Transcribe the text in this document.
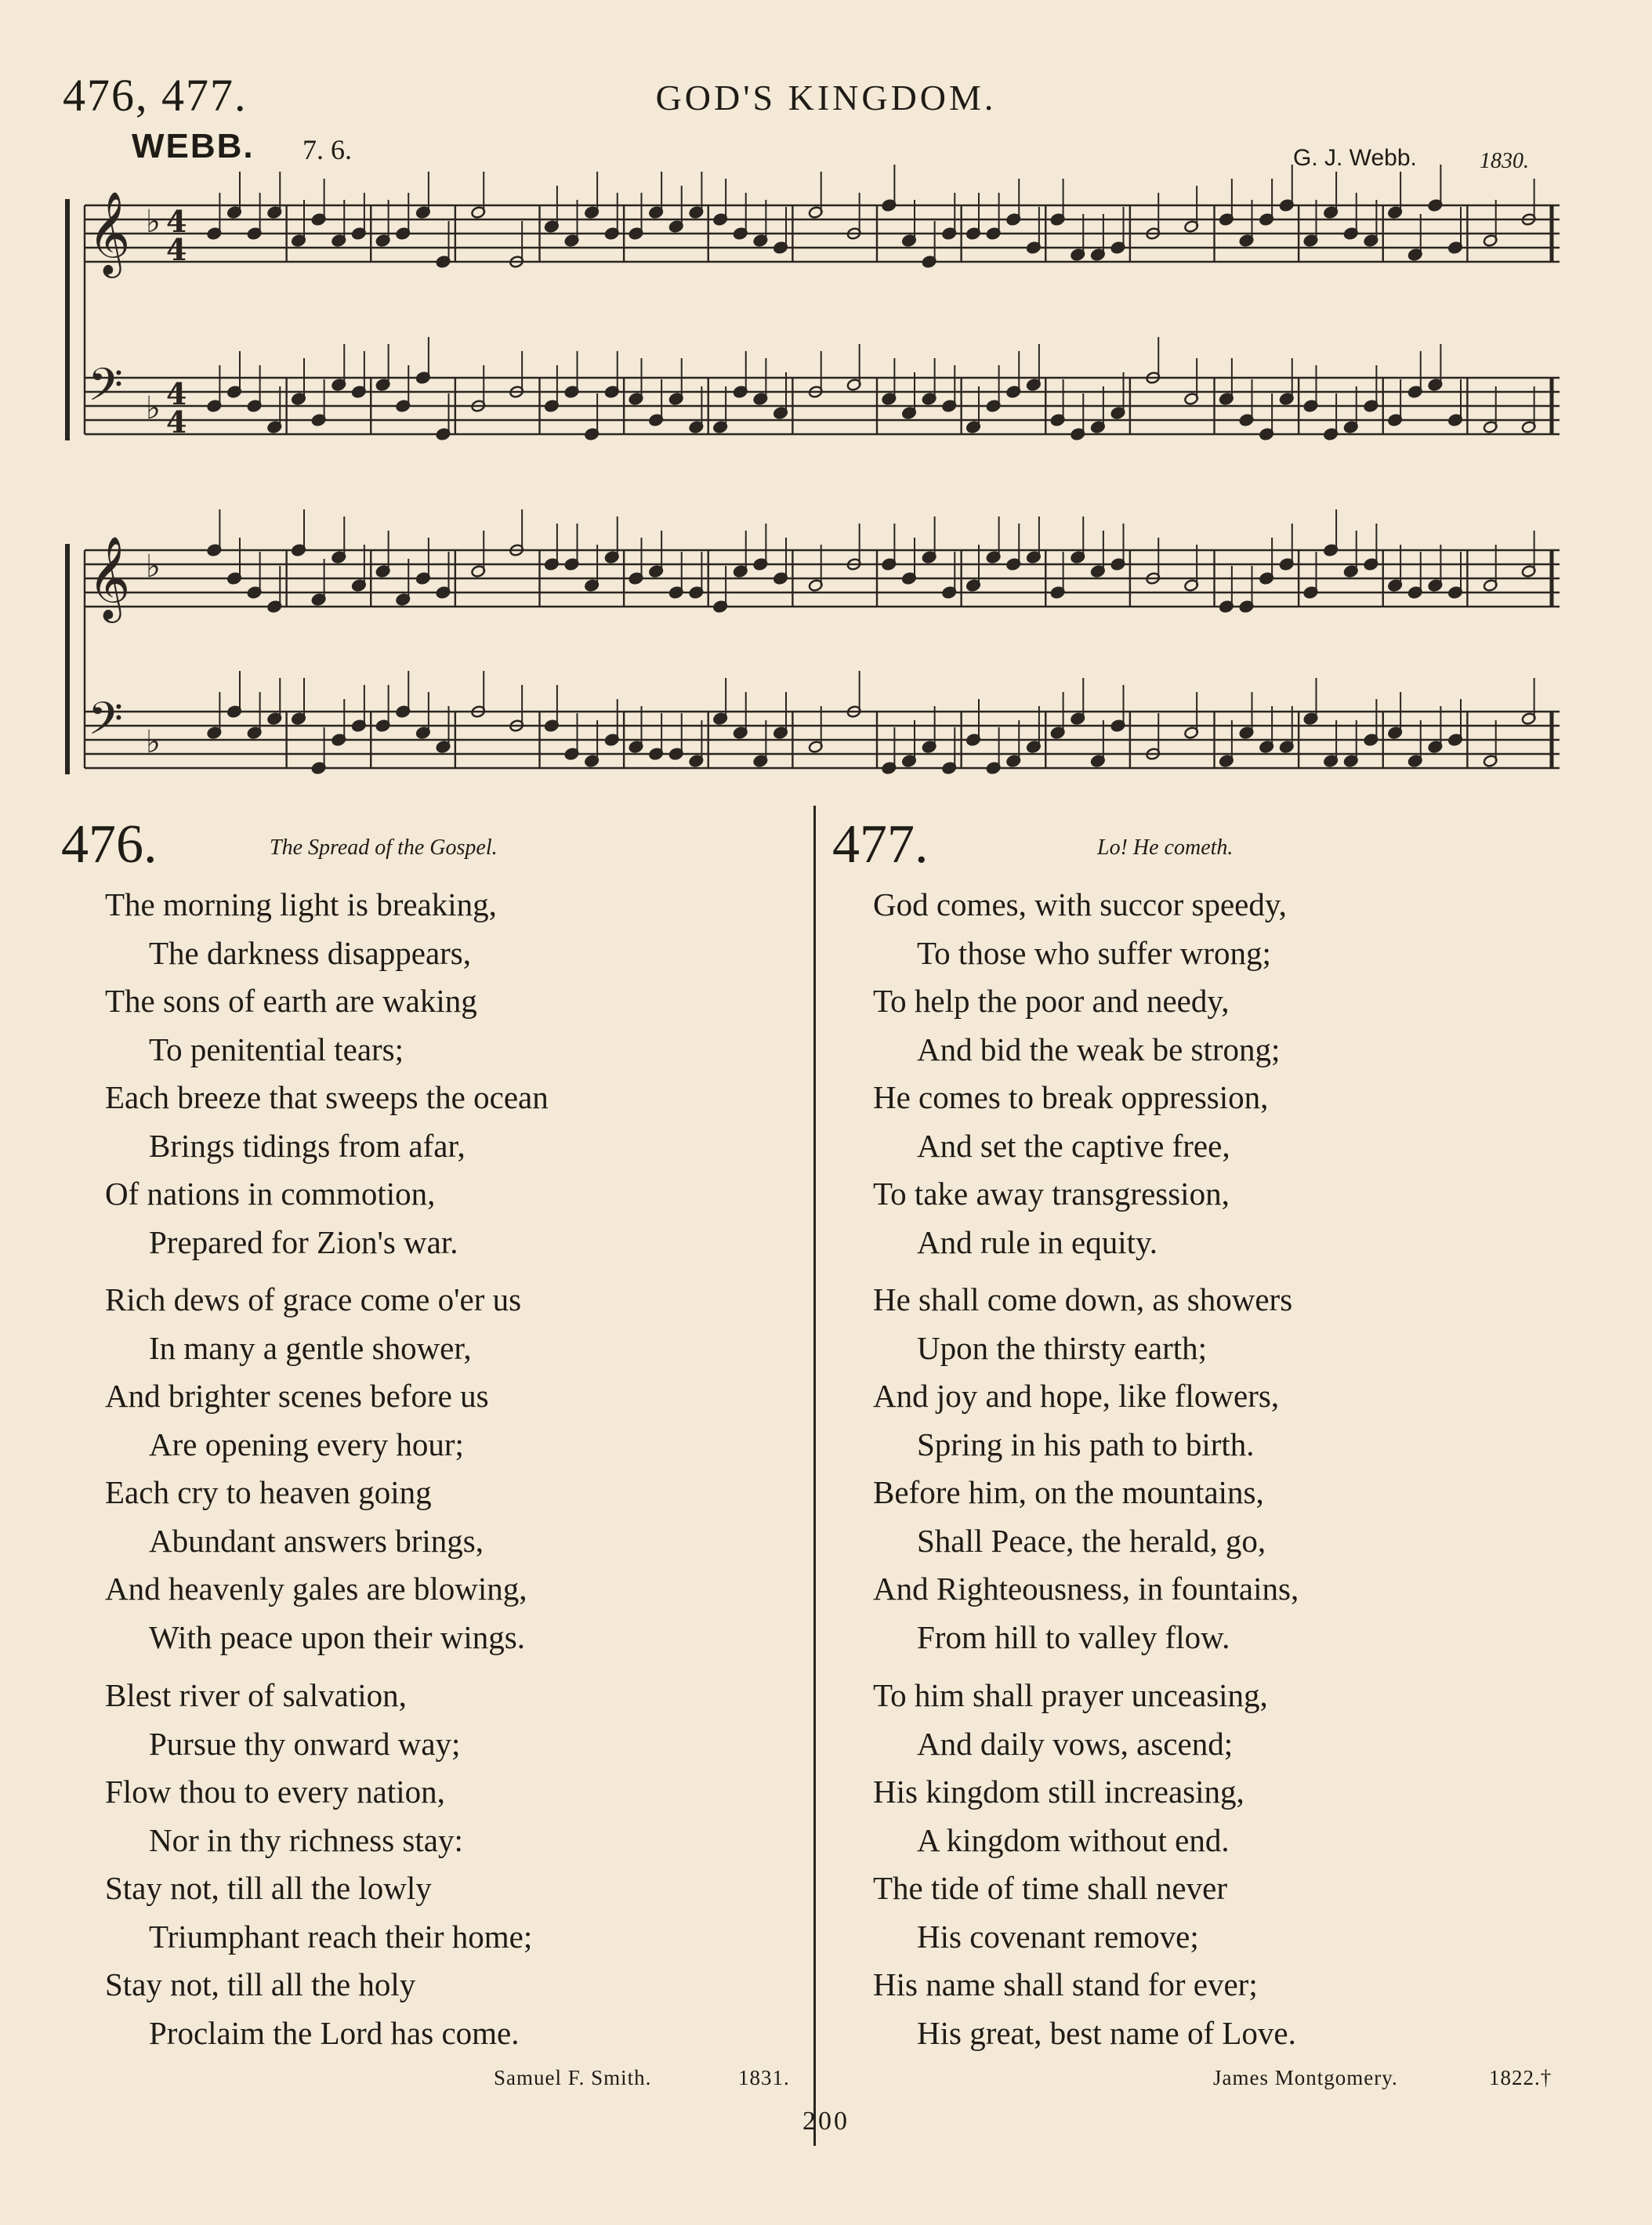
476, 477.	GOD'S KINGDOM.
WEBB. 7. 6.	G. J. Webb.	1830.
𝄞 ♭ 4
4
𝄢 ♭ 4
4
𝄞 ♭
𝄢 ♭
476.	The Spread of the Gospel.
The morning light is breaking,
The darkness disappears,
The sons of earth are waking
To penitential tears;
Each breeze that sweeps the ocean
Brings tidings from afar,
Of nations in commotion,
Prepared for Zion's war.
Rich dews of grace come o'er us
In many a gentle shower,
And brighter scenes before us
Are opening every hour;
Each cry to heaven going
Abundant answers brings,
And heavenly gales are blowing,
With peace upon their wings.
Blest river of salvation,
Pursue thy onward way;
Flow thou to every nation,
Nor in thy richness stay:
Stay not, till all the lowly
Triumphant reach their home;
Stay not, till all the holy
Proclaim the Lord has come.
Samuel F. Smith.	1831.
477.	Lo! He cometh.
God comes, with succor speedy,
To those who suffer wrong;
To help the poor and needy,
And bid the weak be strong;
He comes to break oppression,
And set the captive free,
To take away transgression,
And rule in equity.
He shall come down, as showers
Upon the thirsty earth;
And joy and hope, like flowers,
Spring in his path to birth.
Before him, on the mountains,
Shall Peace, the herald, go,
And Righteousness, in fountains,
From hill to valley flow.
To him shall prayer unceasing,
And daily vows, ascend;
His kingdom still increasing,
A kingdom without end.
The tide of time shall never
His covenant remove;
His name shall stand for ever;
His great, best name of Love.
James Montgomery.	1822.†
200
